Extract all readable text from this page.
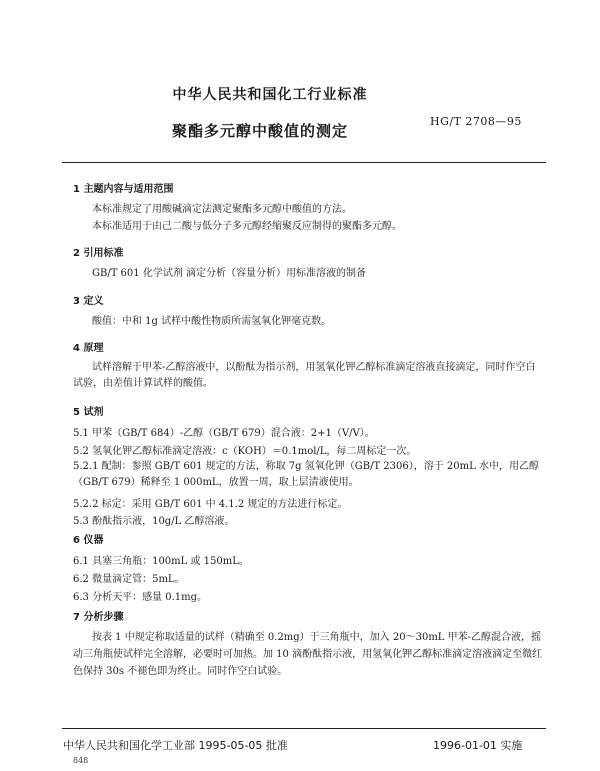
中华人民共和国化工行业标准
HG/T 2708—95
聚酯多元醇中酸值的测定
1 主题内容与适用范围
本标准规定了用酸碱滴定法测定聚酯多元醇中酸值的方法。
本标准适用于由己二酸与低分子多元醇经缩聚反应制得的聚酯多元醇。
2 引用标准
GB/T 601 化学试剂 滴定分析（容量分析）用标准溶液的制备
3 定义
酸值：中和 1g 试样中酸性物质所需氢氧化钾毫克数。
4 原理
试样溶解于甲苯-乙醇溶液中，以酚酞为指示剂，用氢氧化钾乙醇标准滴定溶液直接滴定，同时作空白试验，由差值计算试样的酸值。
5 试剂
5.1 甲苯（GB/T 684）-乙醇（GB/T 679）混合液：2+1（V/V）。
5.2 氢氧化钾乙醇标准滴定溶液：c（KOH）＝0.1mol/L，每二周标定一次。
5.2.1 配制：参照 GB/T 601 规定的方法，称取 7g 氢氧化钾（GB/T 2306），溶于 20mL 水中，用乙醇（GB/T 679）稀释至 1 000mL，放置一周，取上层清液使用。
5.2.2 标定：采用 GB/T 601 中 4.1.2 规定的方法进行标定。
5.3 酚酞指示液，10g/L 乙醇溶液。
6 仪器
6.1 具塞三角瓶：100mL 或 150mL。
6.2 微量滴定管：5mL。
6.3 分析天平：感量 0.1mg。
7 分析步骤
按表 1 中规定称取适量的试样（精确至 0.2mg）于三角瓶中，加入 20～30mL 甲苯-乙醇混合液，摇动三角瓶使试样完全溶解，必要时可加热。加 10 滴酚酞指示液，用氢氧化钾乙醇标准滴定溶液滴定至微红色保持 30s 不褪色即为终止。同时作空白试验。
中华人民共和国化学工业部 1995-05-05 批准	1996-01-01 实施
848
